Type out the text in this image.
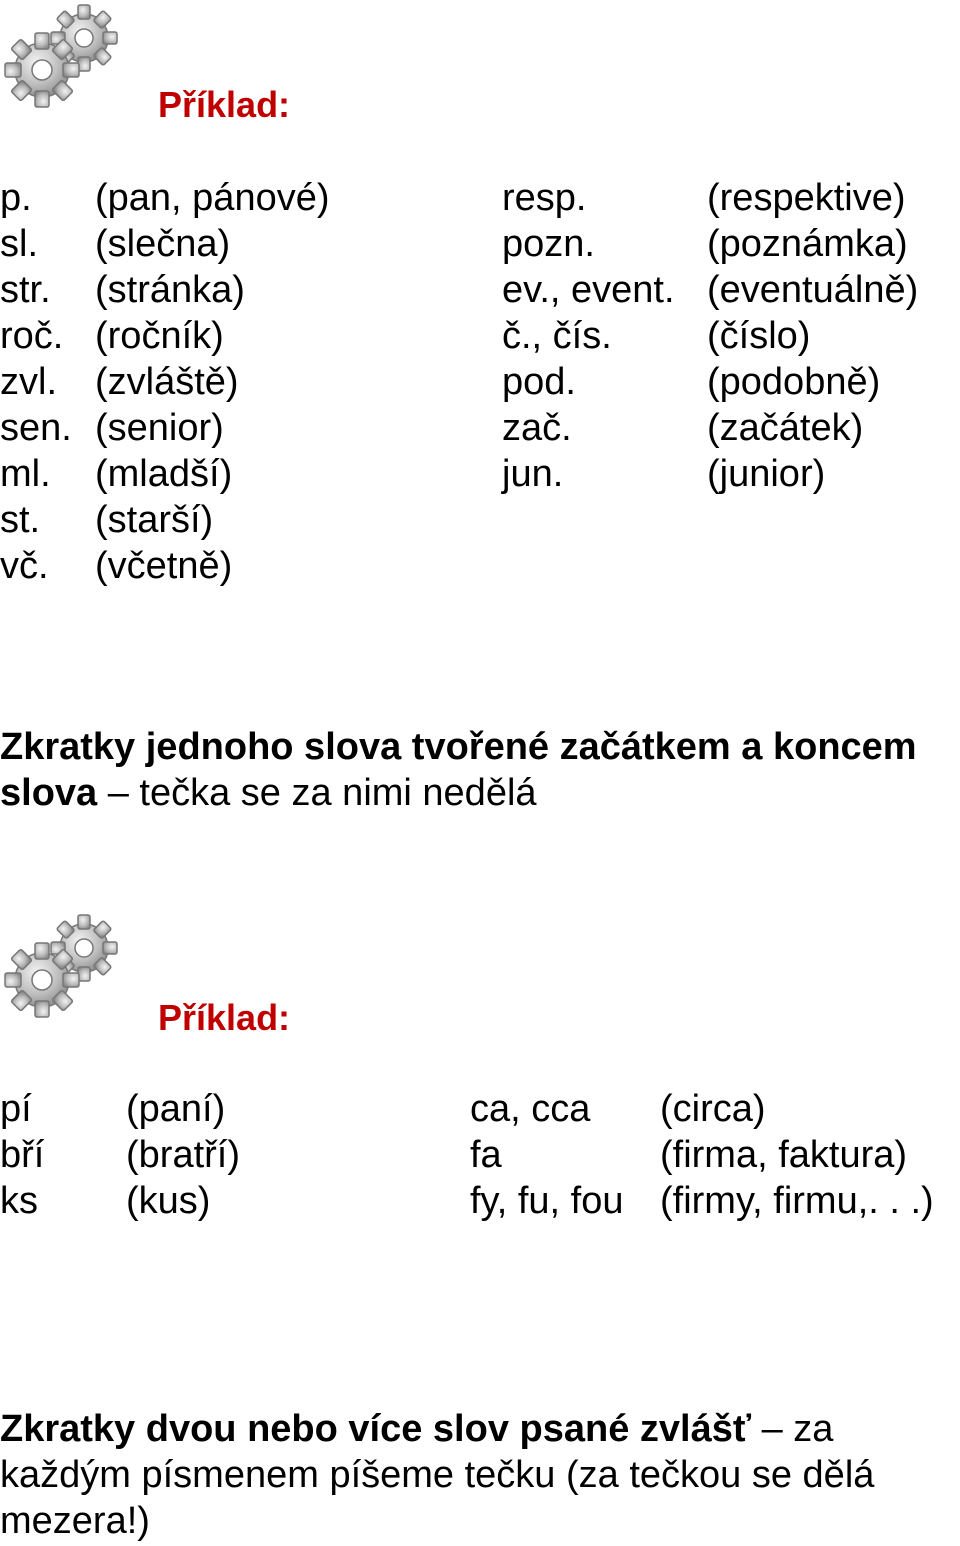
Příklad:
p.	(pan, pánové)
sl.	(slečna)
str.	(stránka)
roč. (ročník)
zvl.	(zvláště)
sen. (senior)
ml.	(mladší)
st.	(starší)
vč.	(včetně)
resp.	(respektive)
pozn.	(poznámka)
ev., event. (eventuálně)
č., čís.	(číslo)
pod.	(podobně)
zač.	(začátek)
jun.	(junior)

Zkratky jednoho slova tvořené začátkem a koncem slova – tečka se za nimi nedělá

Příklad:
pí	(paní)
bří	(bratří)
ks	(kus)
ca, cca	(circa)
fa	(firma, faktura)
fy, fu, fou (firmy, firmu,. . .)

Zkratky dvou nebo více slov psané zvlášť – za každým písmenem píšeme tečku (za tečkou se dělá mezera!)
